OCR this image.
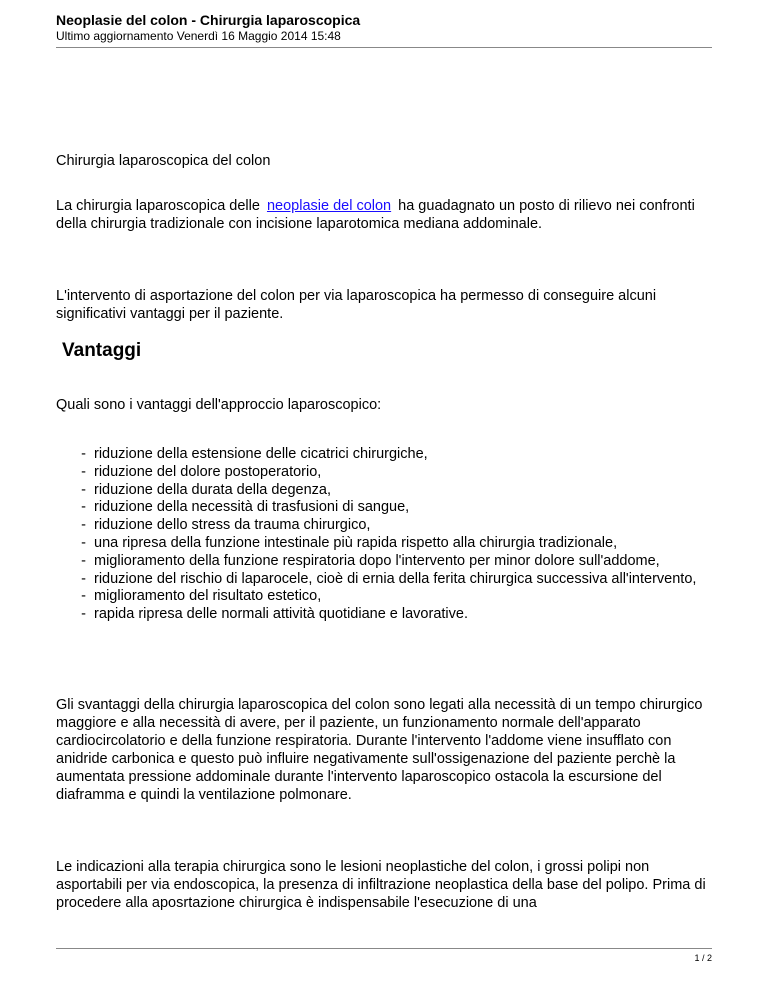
Neoplasie del colon - Chirurgia laparoscopica
Ultimo aggiornamento Venerdì 16 Maggio 2014 15:48

Chirurgia laparoscopica del colon

La chirurgia laparoscopica delle neoplasie del colon ha guadagnato un posto di rilievo nei confronti della chirurgia tradizionale con incisione laparotomica mediana addominale.

L'intervento di asportazione del colon per via laparoscopica ha permesso di conseguire alcuni significativi vantaggi per il paziente.

Vantaggi

Quali sono i vantaggi dell'approccio laparoscopico:

- riduzione della estensione delle cicatrici chirurgiche,
- riduzione del dolore postoperatorio,
- riduzione della durata della degenza,
- riduzione della necessità di trasfusioni di sangue,
- riduzione dello stress da trauma chirurgico,
- una ripresa della funzione intestinale più rapida rispetto alla chirurgia tradizionale,
- miglioramento della funzione respiratoria dopo l'intervento per minor dolore sull'addome,
- riduzione del rischio di laparocele, cioè di ernia della ferita chirurgica successiva all'intervento,
- miglioramento del risultato estetico,
- rapida ripresa delle normali attività quotidiane e lavorative.

Gli svantaggi della chirurgia laparoscopica del colon sono legati alla necessità di un tempo chirurgico maggiore e alla necessità di avere, per il paziente, un funzionamento normale dell'apparato cardiocircolatorio e della funzione respiratoria. Durante l'intervento l'addome viene insufflato con anidride carbonica e questo può influire negativamente sull'ossigenazione del paziente perchè la aumentata pressione addominale durante l'intervento laparoscopico ostacola la escursione del diaframma e quindi la ventilazione polmonare.

Le indicazioni alla terapia chirurgica sono le lesioni neoplastiche del colon, i grossi polipi non asportabili per via endoscopica, la presenza di infiltrazione neoplastica della base del polipo. Prima di procedere alla aposrtazione chirurgica è indispensabile l'esecuzione di una

1 / 2
